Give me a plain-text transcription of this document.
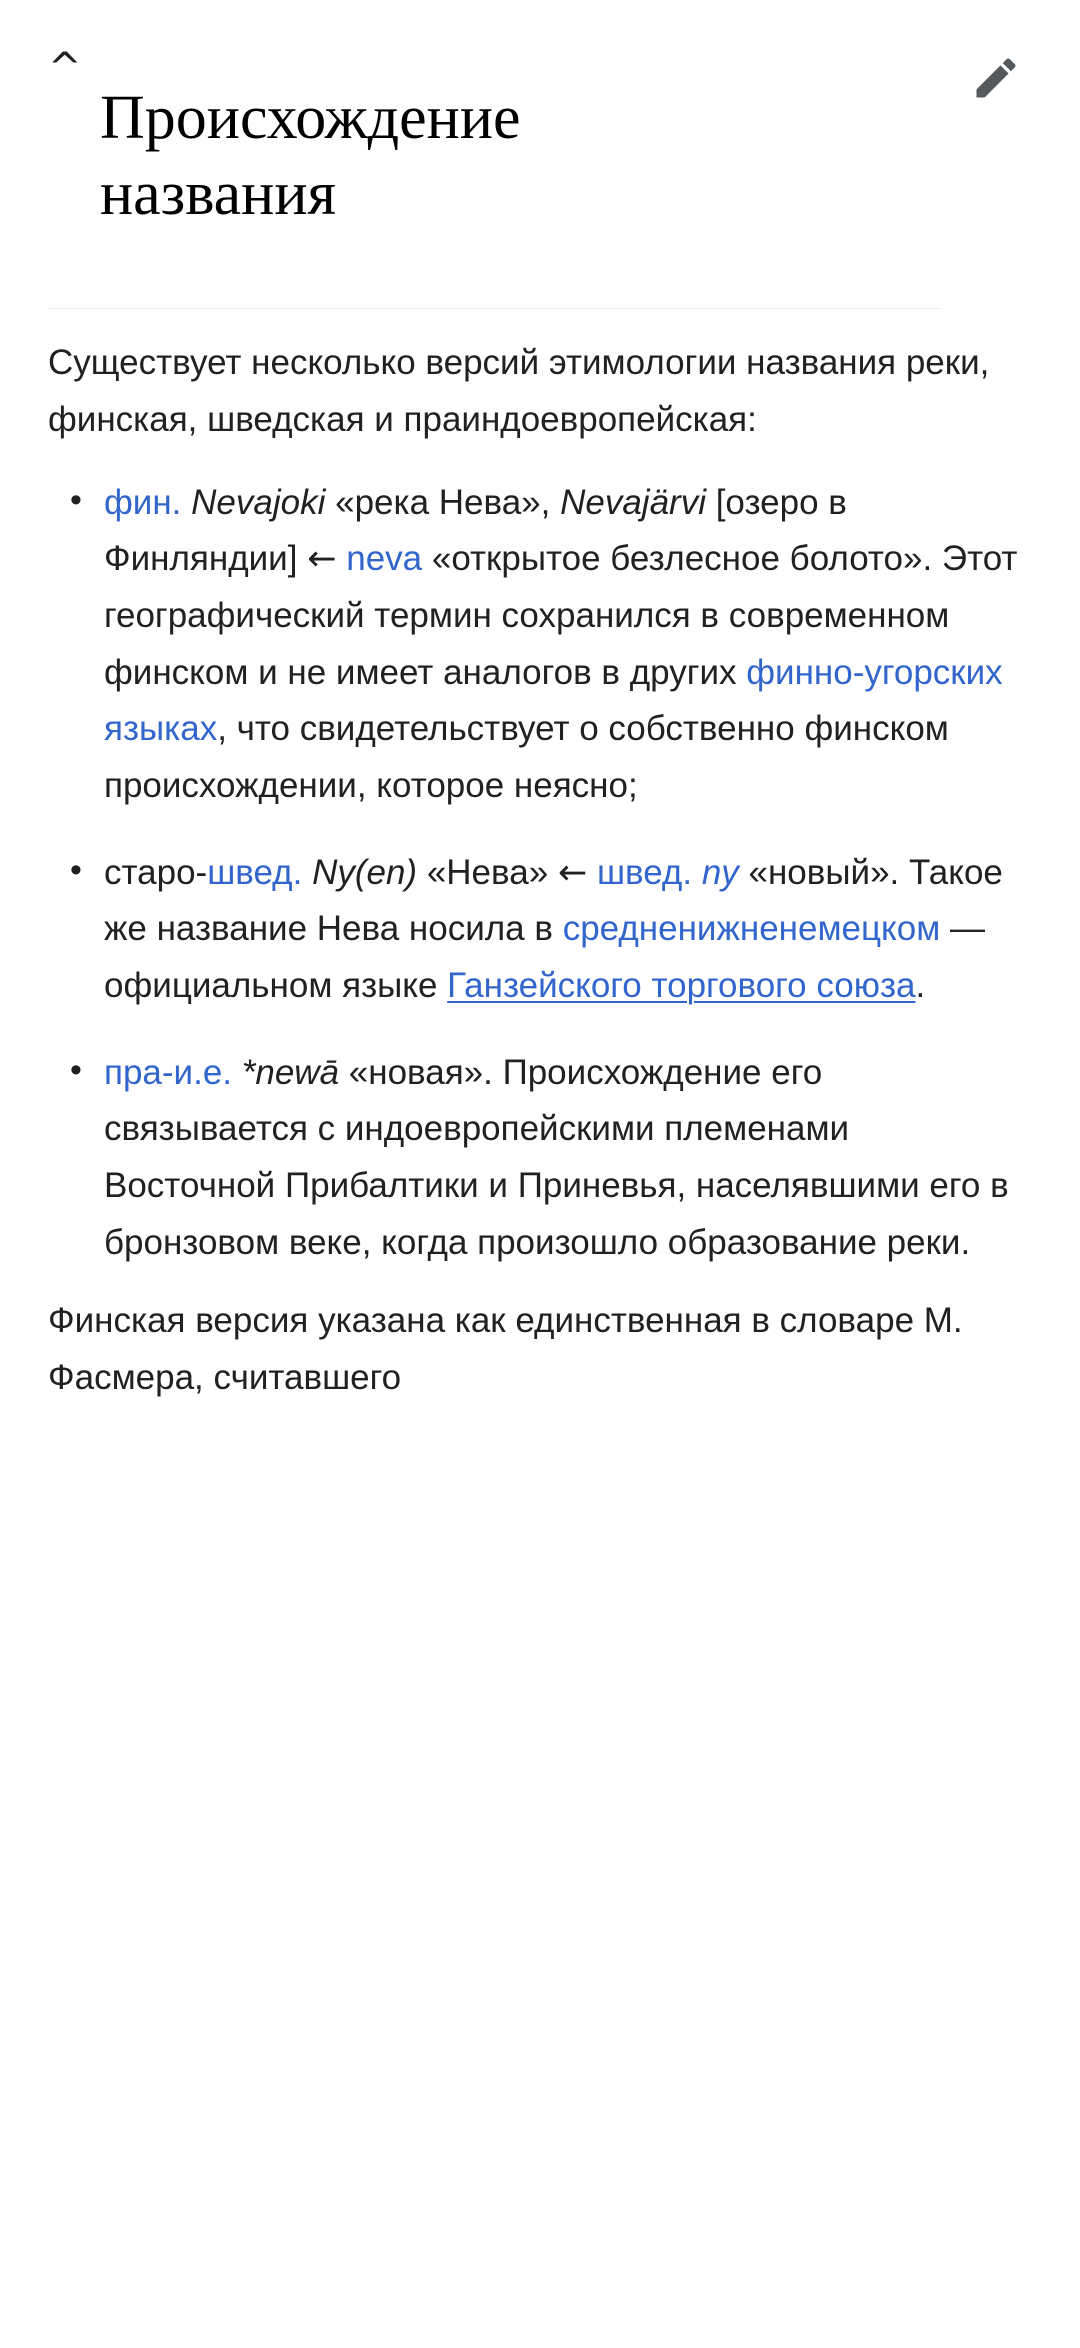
^
Происхождение названия

Существует несколько версий этимологии названия реки, финская, шведская и праиндоевропейская:

• фин. Nevajoki «река Нева», Nevajärvi [озеро в Финляндии] ← neva «открытое безлесное болото». Этот географический термин сохранился в современном финском и не имеет аналогов в других финно-угорских языках, что свидетельствует о собственно финском происхождении, которое неясно;
• старо-швед. Ny(en) «Нева» ← швед. ny «новый». Такое же название Нева носила в средненижненемецком — официальном языке Ганзейского торгового союза.
• пра-и.е. *newā «новая». Происхождение его связывается с индоевропейскими племенами Восточной Прибалтики и Приневья, населявшими его в бронзовом веке, когда произошло образование реки.

Финская версия указана как единственная в словаре М. Фасмера, считавшего
